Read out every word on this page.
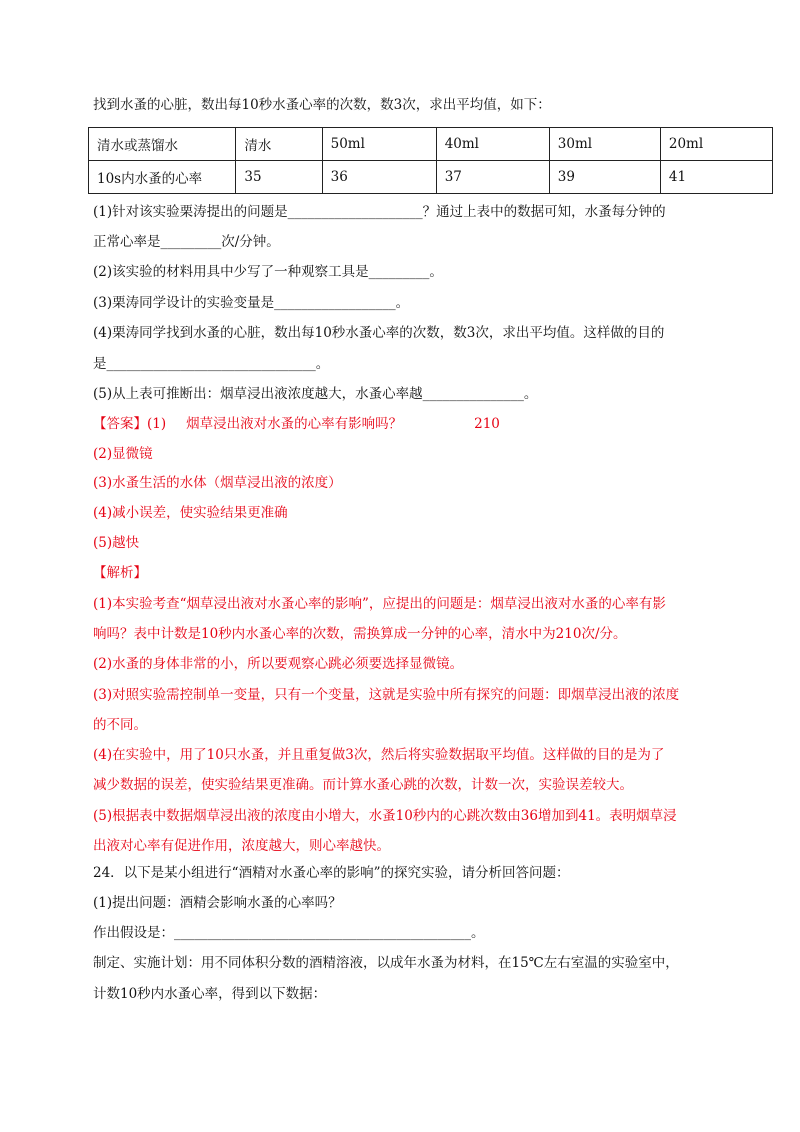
找到水蚤的心脏，数出每10秒水蚤心率的次数，数3次，求出平均值，如下：
清水或蒸馏水	清水	50ml	40ml	30ml	20ml
10s内水蚤的心率	35	36	37	39	41
(1)针对该实验栗涛提出的问题是____________________？通过上表中的数据可知，水蚤每分钟的
正常心率是_________次/分钟。
(2)该实验的材料用具中少写了一种观察工具是_________。
(3)栗涛同学设计的实验变量是__________________。
(4)栗涛同学找到水蚤的心脏，数出每10秒水蚤心率的次数，数3次，求出平均值。这样做的目的
是_______________________________。
(5)从上表可推断出：烟草浸出液浓度越大，水蚤心率越_______________。
【答案】(1) 烟草浸出液对水蚤的心率有影响吗？	210
(2)显微镜
(3)水蚤生活的水体（烟草浸出液的浓度）
(4)减小误差，使实验结果更准确
(5)越快
【解析】
(1)本实验考查“烟草浸出液对水蚤心率的影响”，应提出的问题是：烟草浸出液对水蚤的心率有影
响吗？表中计数是10秒内水蚤心率的次数，需换算成一分钟的心率，清水中为210次/分。
(2)水蚤的身体非常的小，所以要观察心跳必须要选择显微镜。
(3)对照实验需控制单一变量，只有一个变量，这就是实验中所有探究的问题：即烟草浸出液的浓度
的不同。
(4)在实验中，用了10只水蚤，并且重复做3次，然后将实验数据取平均值。这样做的目的是为了
减少数据的误差，使实验结果更准确。而计算水蚤心跳的次数，计数一次，实验误差较大。
(5)根据表中数据烟草浸出液的浓度由小增大，水蚤10秒内的心跳次数由36增加到41。表明烟草浸
出液对心率有促进作用，浓度越大，则心率越快。
24．以下是某小组进行“酒精对水蚤心率的影响”的探究实验，请分析回答问题：
(1)提出问题：酒精会影响水蚤的心率吗？
作出假设是：____________________________________________。
制定、实施计划：用不同体积分数的酒精溶液，以成年水蚤为材料，在15℃左右室温的实验室中，
计数10秒内水蚤心率，得到以下数据：
